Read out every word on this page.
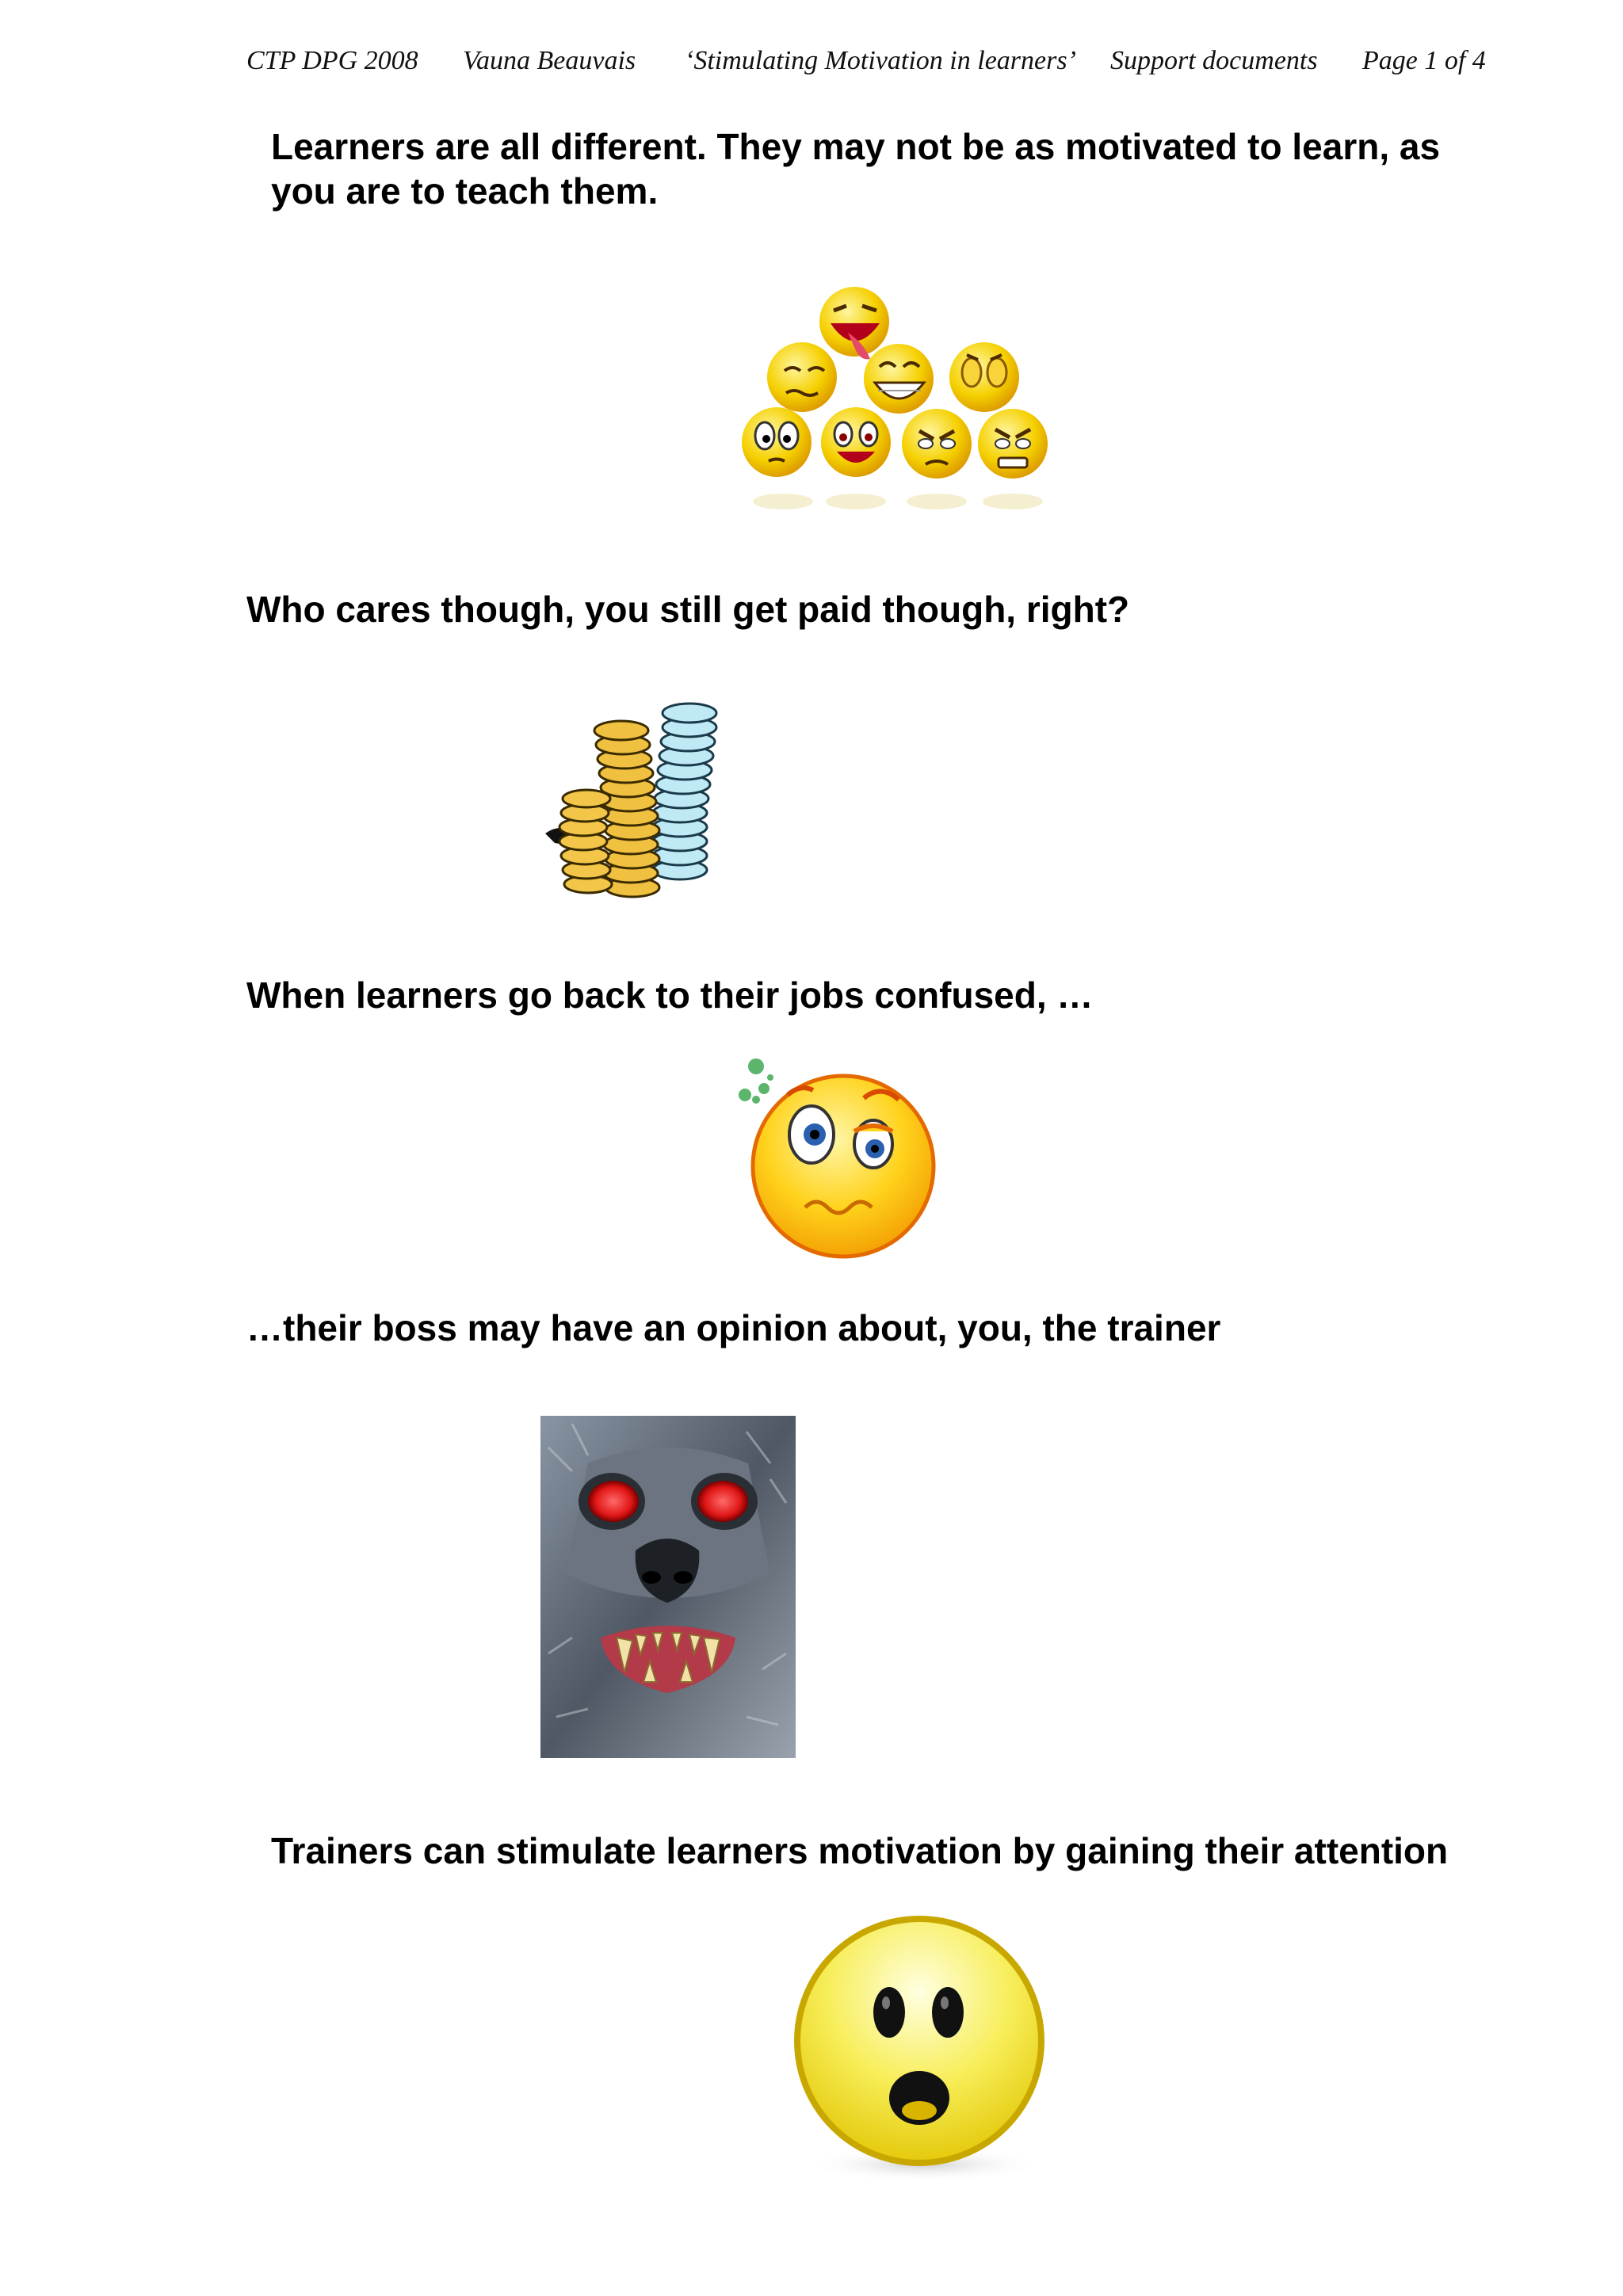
CTP DPG 2008 Vauna Beauvais ‘Stimulating Motivation in learners’ Support documents Page 1 of 4
Learners are all different. They may not be as motivated to learn, as
you are to teach them.
Who cares though, you still get paid though, right?
When learners go back to their jobs confused, …
…their boss may have an opinion about, you, the trainer
Trainers can stimulate learners motivation by gaining their attention
